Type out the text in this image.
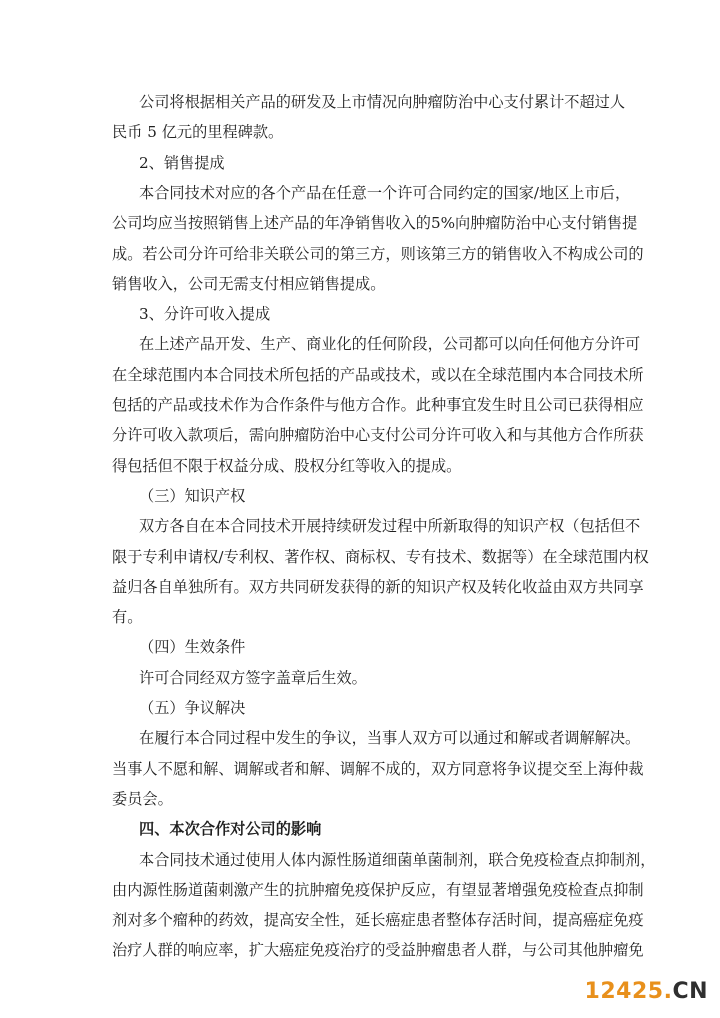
公 司 将 根 据 相 关 产 品 的 研 发 及 上 市 情 况 向 肿 瘤 防 治 中 心 支 付 累 计 不 超 过 人
民币 5 亿元的里程碑款。
2、销售提成
本 合 同 技 术 对 应 的 各 个 产 品 在 任 意 一 个 许 可 合 同 约 定 的 国 家 / 地 区 上 市 后 ，
公 司 均 应 当 按 照 销 售 上 述 产 品 的 年 净 销 售 收 入 的 5% 向 肿 瘤 防 治 中 心 支 付 销 售 提
成 。 若 公 司 分 许 可 给 非 关 联 公 司 的 第 三 方 ， 则 该 第 三 方 的 销 售 收 入 不 构 成 公 司 的
销售收入，公司无需支付相应销售提成。
3、分许可收入提成
在 上 述 产 品 开 发 、 生 产 、 商 业 化 的 任 何 阶 段 ， 公 司 都 可 以 向 任 何 他 方 分 许 可
在 全 球 范 围 内 本 合 同 技 术 所 包 括 的 产 品 或 技 术 ， 或 以 在 全 球 范 围 内 本 合 同 技 术 所
包 括 的 产 品 或 技 术 作 为 合 作 条 件 与 他 方 合 作 。 此 种 事 宜 发 生 时 且 公 司 已 获 得 相 应
分 许 可 收 入 款 项 后 ， 需 向 肿 瘤 防 治 中 心 支 付 公 司 分 许 可 收 入 和 与 其 他 方 合 作 所 获
得包括但不限于权益分成、股权分红等收入的提成。
（三）知识产权
双 方 各 自 在 本 合 同 技 术 开 展 持 续 研 发 过 程 中 所 新 取 得 的 知 识 产 权 （ 包 括 但 不
限 于 专 利 申 请 权 / 专 利 权 、 著 作 权 、 商 标 权 、 专 有 技 术 、 数 据 等 ） 在 全 球 范 围 内 权
益 归 各 自 单 独 所 有 。 双 方 共 同 研 发 获 得 的 新 的 知 识 产 权 及 转 化 收 益 由 双 方 共 同 享
有。
（四）生效条件
许可合同经双方签字盖章后生效。
（五）争议解决
在 履 行 本 合 同 过 程 中 发 生 的 争 议 ， 当 事 人 双 方 可 以 通 过 和 解 或 者 调 解 解 决 。
当 事 人 不 愿 和 解 、 调 解 或 者 和 解 、 调 解 不 成 的 ， 双 方 同 意 将 争 议 提 交 至 上 海 仲 裁
委员会。
四、本次合作对公司的影响
本 合 同 技 术 通 过 使 用 人 体 内 源 性 肠 道 细 菌 单 菌 制 剂 ， 联 合 免 疫 检 查 点 抑 制 剂 ，
由 内 源 性 肠 道 菌 刺 激 产 生 的 抗 肿 瘤 免 疫 保 护 反 应 ， 有 望 显 著 增 强 免 疫 检 查 点 抑 制
剂 对 多 个 瘤 种 的 药 效 ， 提 高 安 全 性 ， 延 长 癌 症 患 者 整 体 存 活 时 间 ， 提 高 癌 症 免 疫
治 疗 人 群 的 响 应 率 ， 扩 大 癌 症 免 疫 治 疗 的 受 益 肿 瘤 患 者 人 群 ， 与 公 司 其 他 肿 瘤 免
12425.CN
